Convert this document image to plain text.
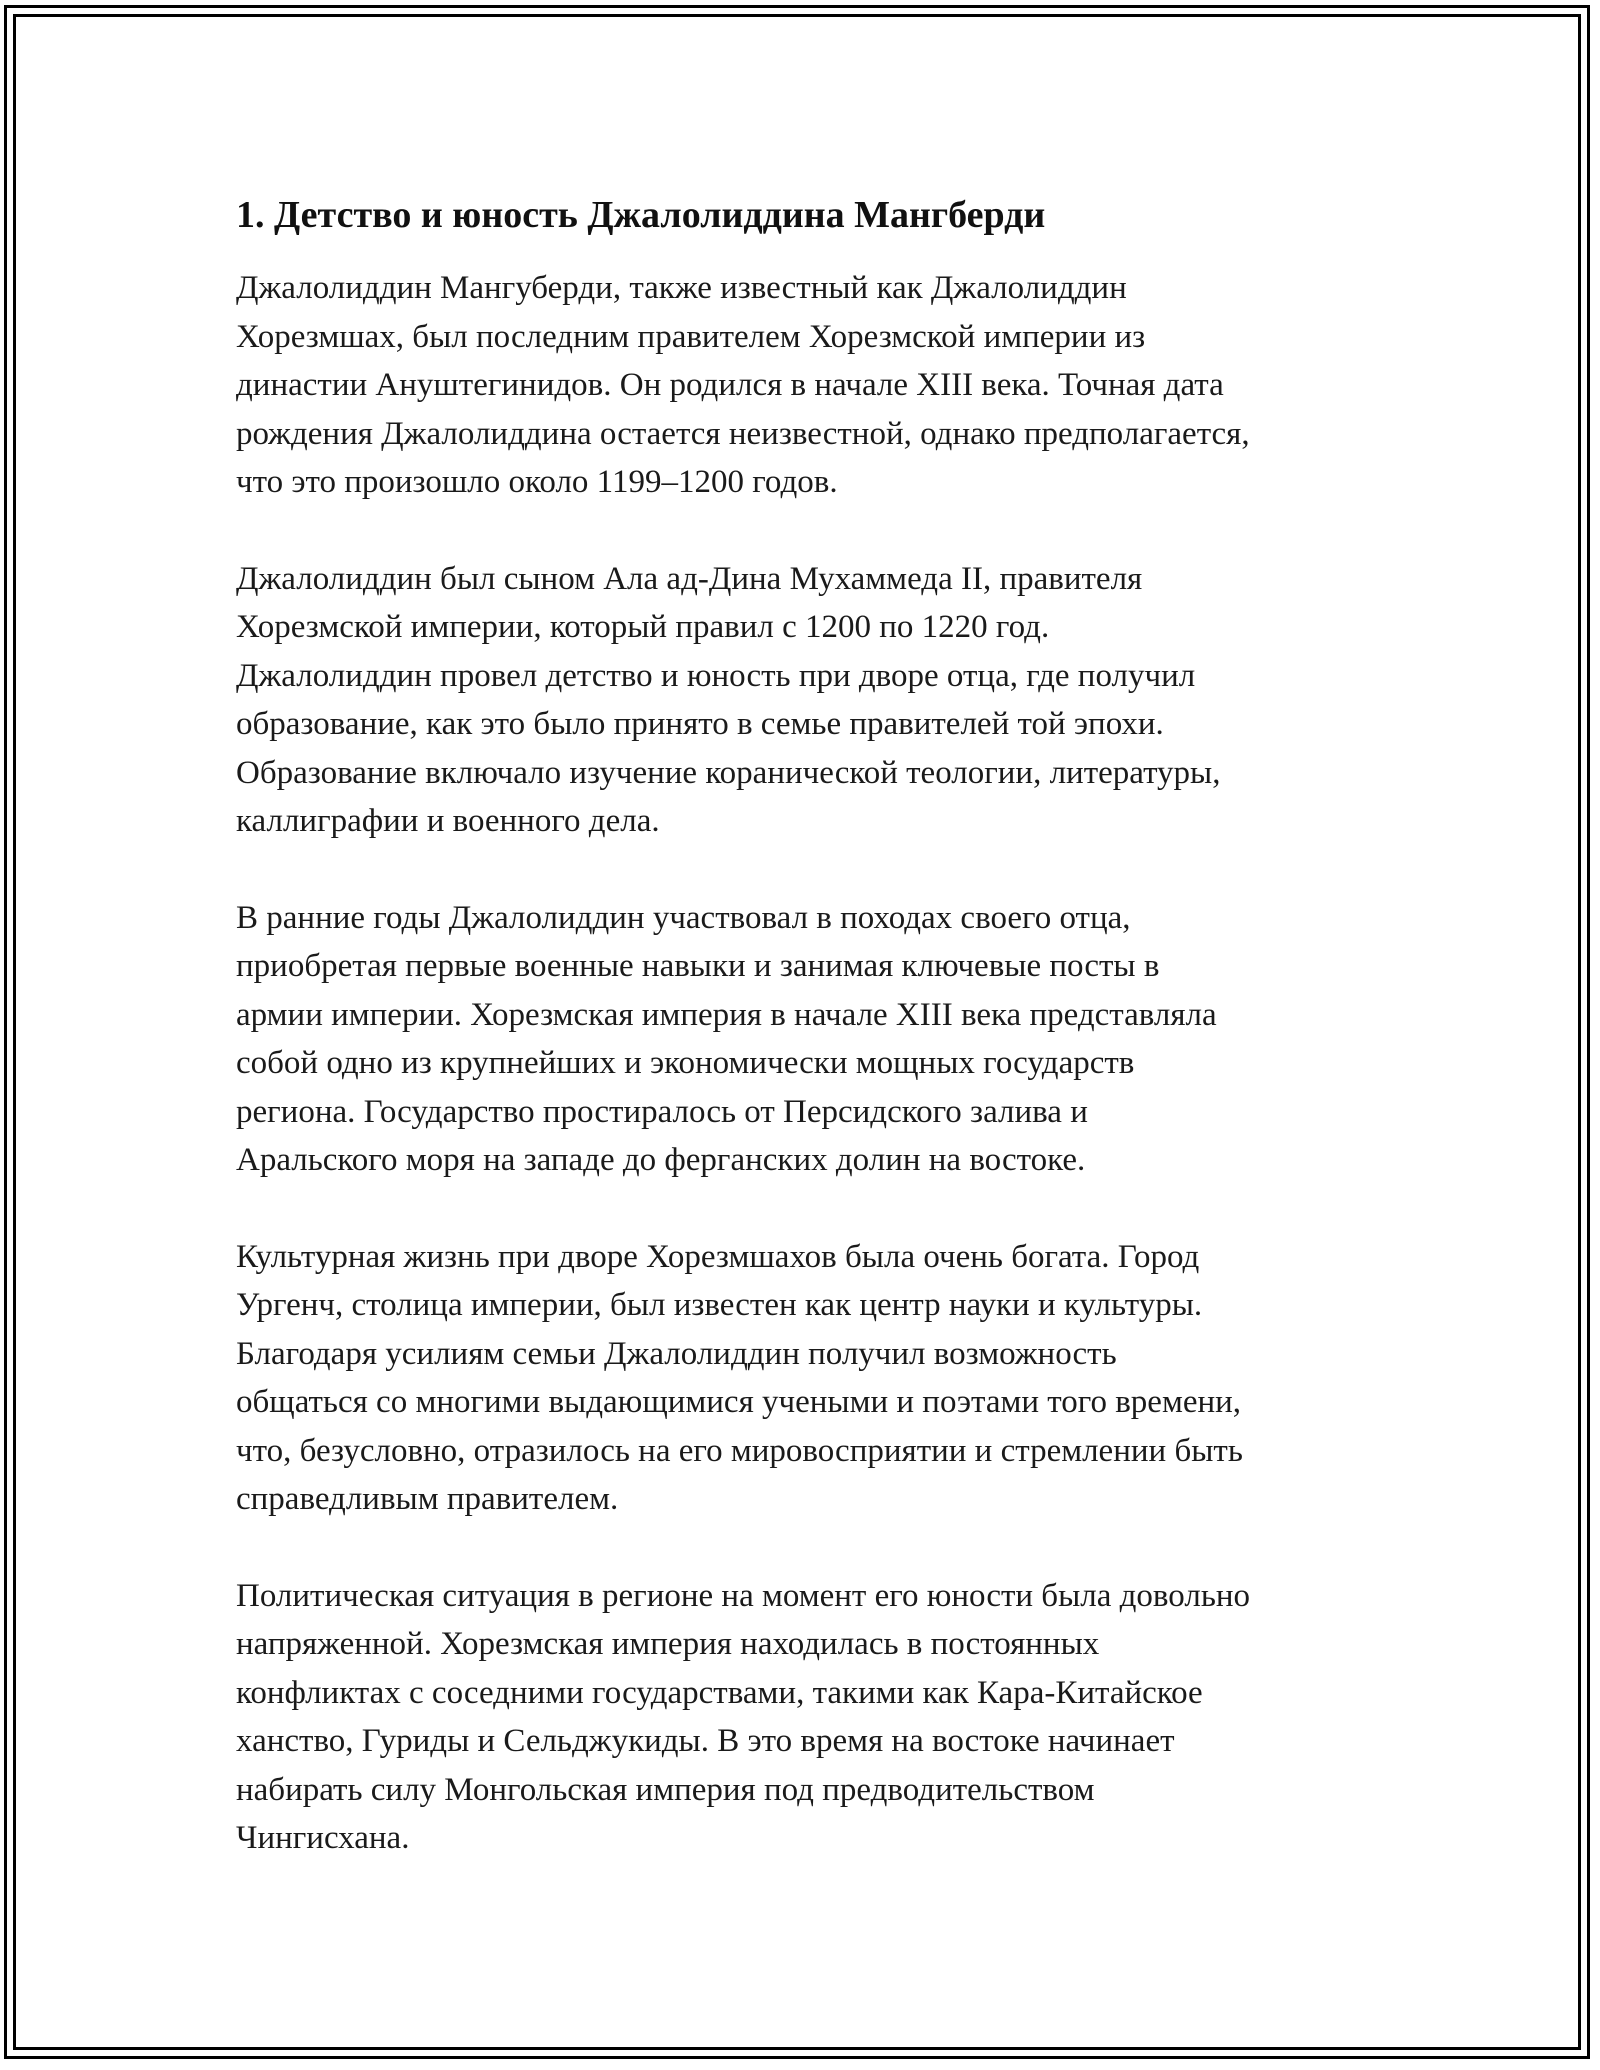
1. Детство и юность Джалолиддина Мангберди

Джалолиддин Мангуберди, также известный как Джалолиддин
Хорезмшах, был последним правителем Хорезмской империи из
династии Ануштегинидов. Он родился в начале XIII века. Точная дата
рождения Джалолиддина остается неизвестной, однако предполагается,
что это произошло около 1199–1200 годов.

Джалолиддин был сыном Ала ад-Дина Мухаммеда II, правителя
Хорезмской империи, который правил с 1200 по 1220 год.
Джалолиддин провел детство и юность при дворе отца, где получил
образование, как это было принято в семье правителей той эпохи.
Образование включало изучение коранической теологии, литературы,
каллиграфии и военного дела.

В ранние годы Джалолиддин участвовал в походах своего отца,
приобретая первые военные навыки и занимая ключевые посты в
армии империи. Хорезмская империя в начале XIII века представляла
собой одно из крупнейших и экономически мощных государств
региона. Государство простиралось от Персидского залива и
Аральского моря на западе до ферганских долин на востоке.

Культурная жизнь при дворе Хорезмшахов была очень богата. Город
Ургенч, столица империи, был известен как центр науки и культуры.
Благодаря усилиям семьи Джалолиддин получил возможность
общаться со многими выдающимися учеными и поэтами того времени,
что, безусловно, отразилось на его мировосприятии и стремлении быть
справедливым правителем.

Политическая ситуация в регионе на момент его юности была довольно
напряженной. Хорезмская империя находилась в постоянных
конфликтах с соседними государствами, такими как Кара-Китайское
ханство, Гуриды и Сельджукиды. В это время на востоке начинает
набирать силу Монгольская империя под предводительством
Чингисхана.
